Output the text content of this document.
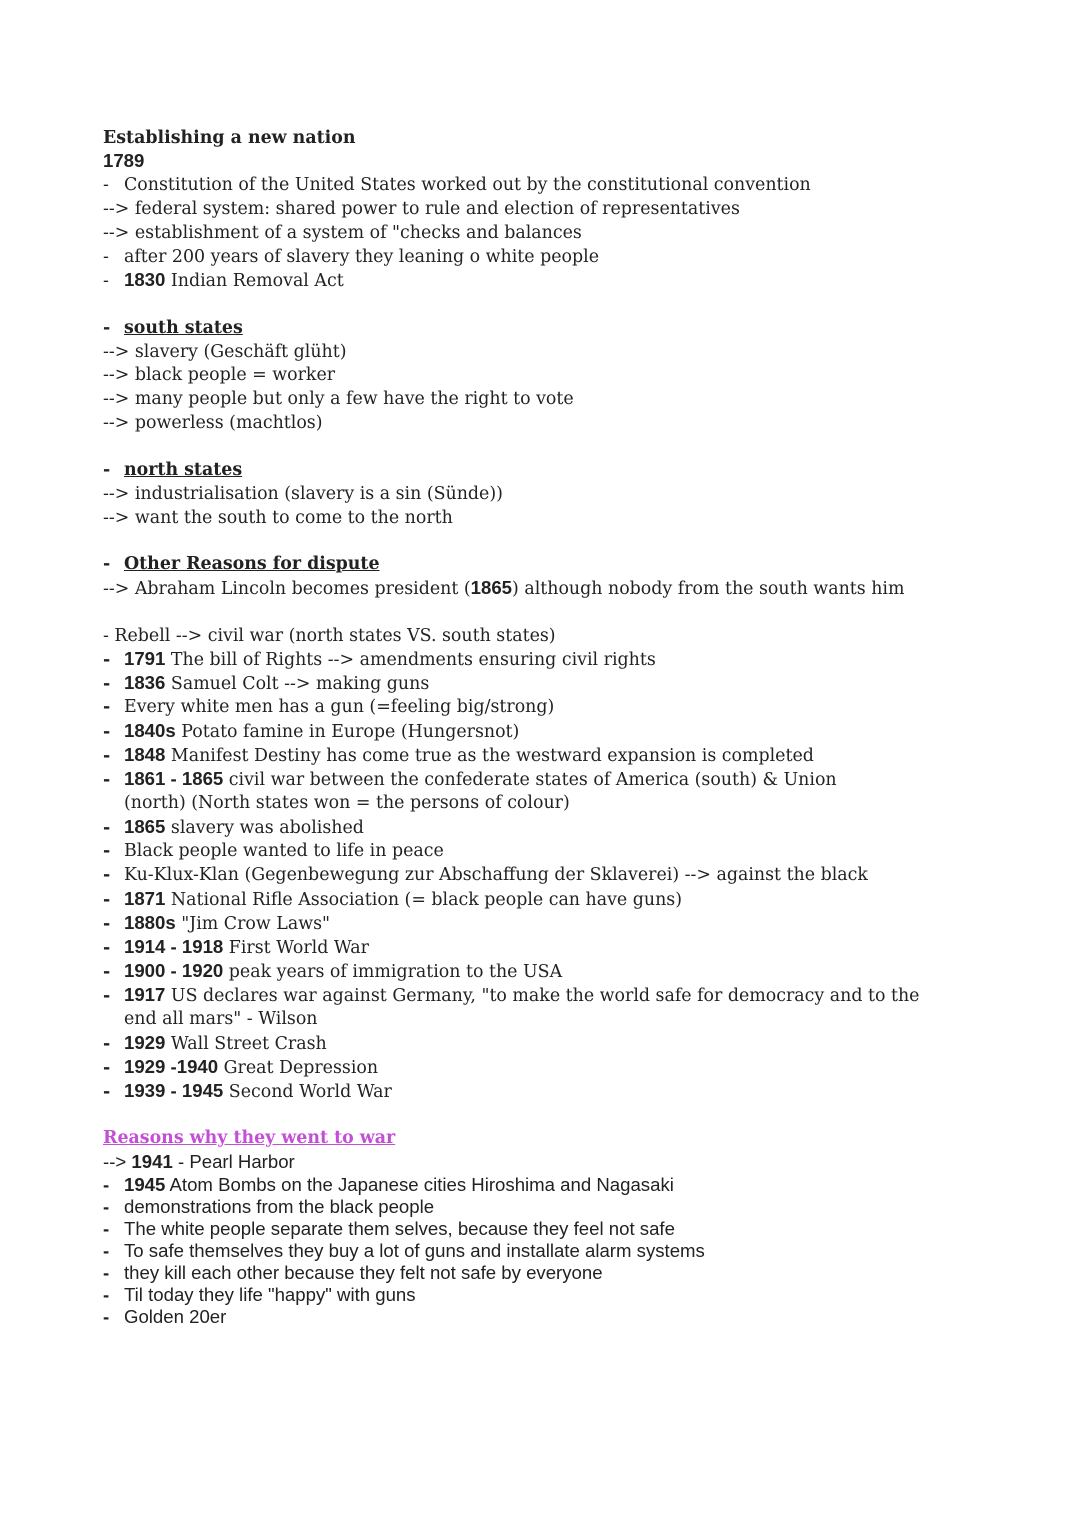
Establishing a new nation
1789
- Constitution of the United States worked out by the constitutional convention
--> federal system: shared power to rule and election of representatives
--> establishment of a system of "checks and balances
- after 200 years of slavery they leaning o white people
- 1830 Indian Removal Act
- south states
--> slavery (Geschäft glüht)
--> black people = worker
--> many people but only a few have the right to vote
--> powerless (machtlos)
- north states
--> industrialisation (slavery is a sin (Sünde))
--> want the south to come to the north
- Other Reasons for dispute
--> Abraham Lincoln becomes president (1865) although nobody from the south wants him
- Rebell --> civil war (north states VS. south states)
- 1791 The bill of Rights --> amendments ensuring civil rights
- 1836 Samuel Colt --> making guns
- Every white men has a gun (=feeling big/strong)
- 1840s Potato famine in Europe (Hungersnot)
- 1848 Manifest Destiny has come true as the westward expansion is completed
- 1861 - 1865 civil war between the confederate states of America (south) & Union
(north) (North states won = the persons of colour)
- 1865 slavery was abolished
- Black people wanted to life in peace
- Ku-Klux-Klan (Gegenbewegung zur Abschaffung der Sklaverei) --> against the black
- 1871 National Rifle Association (= black people can have guns)
- 1880s "Jim Crow Laws"
- 1914 - 1918 First World War
- 1900 - 1920 peak years of immigration to the USA
- 1917 US declares war against Germany, "to make the world safe for democracy and to the
end all mars" - Wilson
- 1929 Wall Street Crash
- 1929 -1940 Great Depression
- 1939 - 1945 Second World War
Reasons why they went to war
--> 1941 - Pearl Harbor
- 1945 Atom Bombs on the Japanese cities Hiroshima and Nagasaki
- demonstrations from the black people
- The white people separate them selves, because they feel not safe
- To safe themselves they buy a lot of guns and installate alarm systems
- they kill each other because they felt not safe by everyone
- Til today they life "happy" with guns
- Golden 20er
